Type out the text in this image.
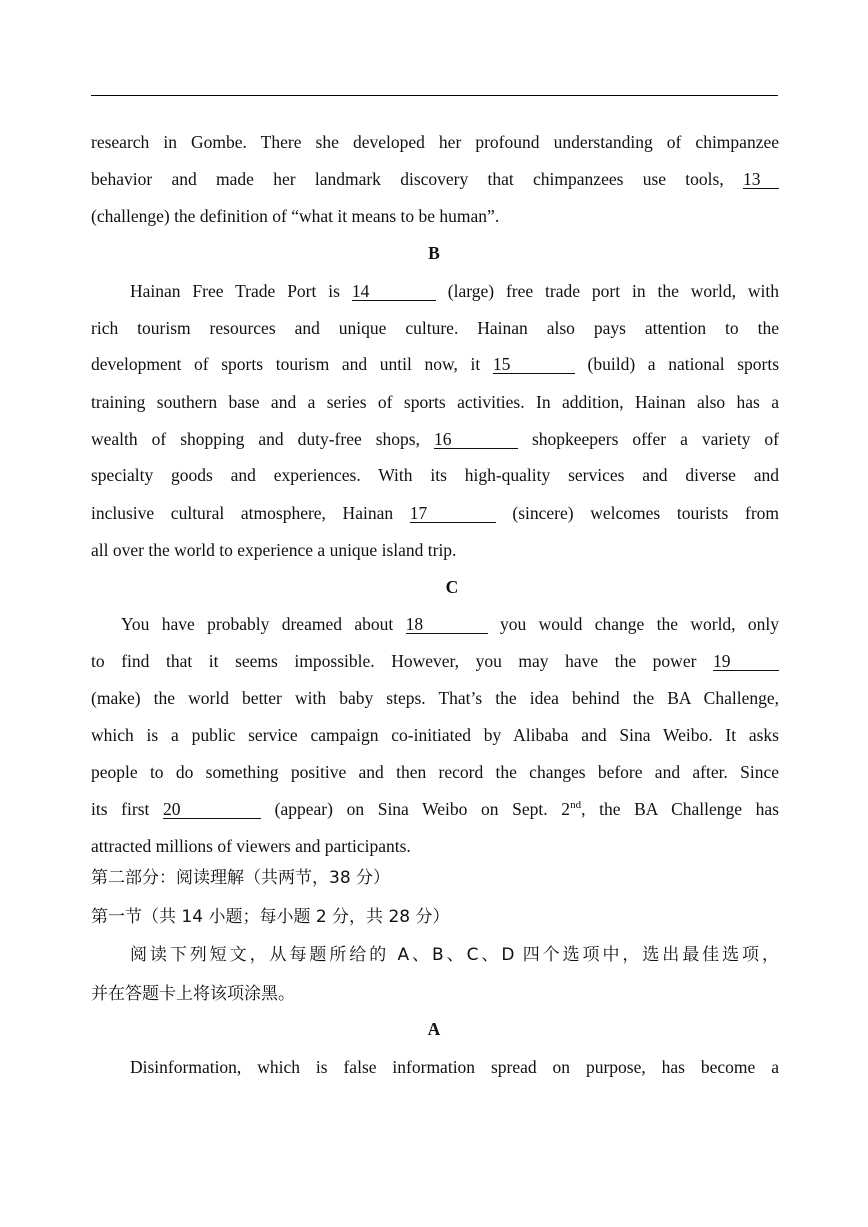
research in Gombe. There she developed her profound understanding of chimpanzee
behavior and made her landmark discovery that chimpanzees use tools, 13
(challenge) the definition of “what it means to be human”.
B
Hainan Free Trade Port is 14	(large) free trade port in the world, with
rich tourism resources and unique culture. Hainan also pays attention to the
development of sports tourism and until now, it 15	(build) a national sports
training southern base and a series of sports activities. In addition, Hainan also has a
wealth of shopping and duty-free shops, 16	shopkeepers offer a variety of
specialty goods and experiences. With its high-quality services and diverse and
inclusive cultural atmosphere, Hainan 17	(sincere) welcomes tourists from
all over the world to experience a unique island trip.
C
You have probably dreamed about 18	you would change the world, only
to find that it seems impossible. However, you may have the power 19
(make) the world better with baby steps. That’s the idea behind the BA Challenge,
which is a public service campaign co-initiated by Alibaba and Sina Weibo. It asks
people to do something positive and then record the changes before and after. Since
its first 20	(appear) on Sina Weibo on Sept. 2nd, the BA Challenge has
attracted millions of viewers and participants.
第二部分：阅读理解（共两节，38 分）
第一节（共 14 小题；每小题 2 分，共 28 分）
阅读下列短文，从每题所给的 A、B、C、D 四个选项中，选出最佳选项，
并在答题卡上将该项涂黑。
A
Disinformation, which is false information spread on purpose, has become a
